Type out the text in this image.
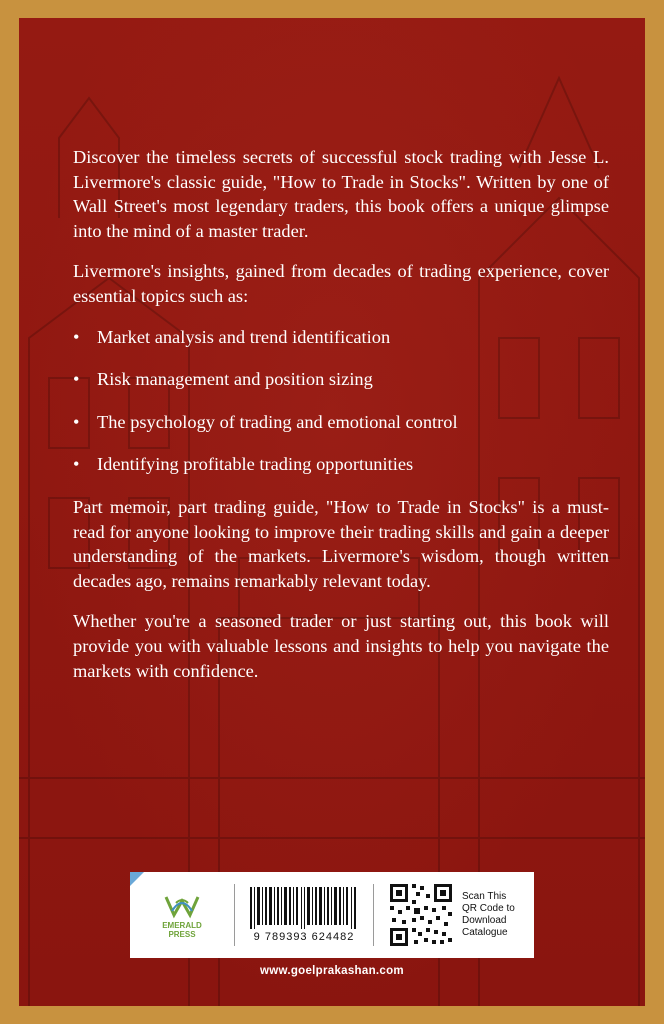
Discover the timeless secrets of successful stock trading with Jesse L. Livermore's classic guide, "How to Trade in Stocks". Written by one of Wall Street's most legendary traders, this book offers a unique glimpse into the mind of a master trader.

Livermore's insights, gained from decades of trading experience, cover essential topics such as:

• Market analysis and trend identification
• Risk management and position sizing
• The psychology of trading and emotional control
• Identifying profitable trading opportunities

Part memoir, part trading guide, "How to Trade in Stocks" is a must-read for anyone looking to improve their trading skills and gain a deeper understanding of the markets. Livermore's wisdom, though written decades ago, remains remarkably relevant today.

Whether you're a seasoned trader or just starting out, this book will provide you with valuable lessons and insights to help you navigate the markets with confidence.

EMERALD
PRESS	9 789393 624482
Scan This
QR Code to
Download
Catalogue
www.goelprakashan.com
